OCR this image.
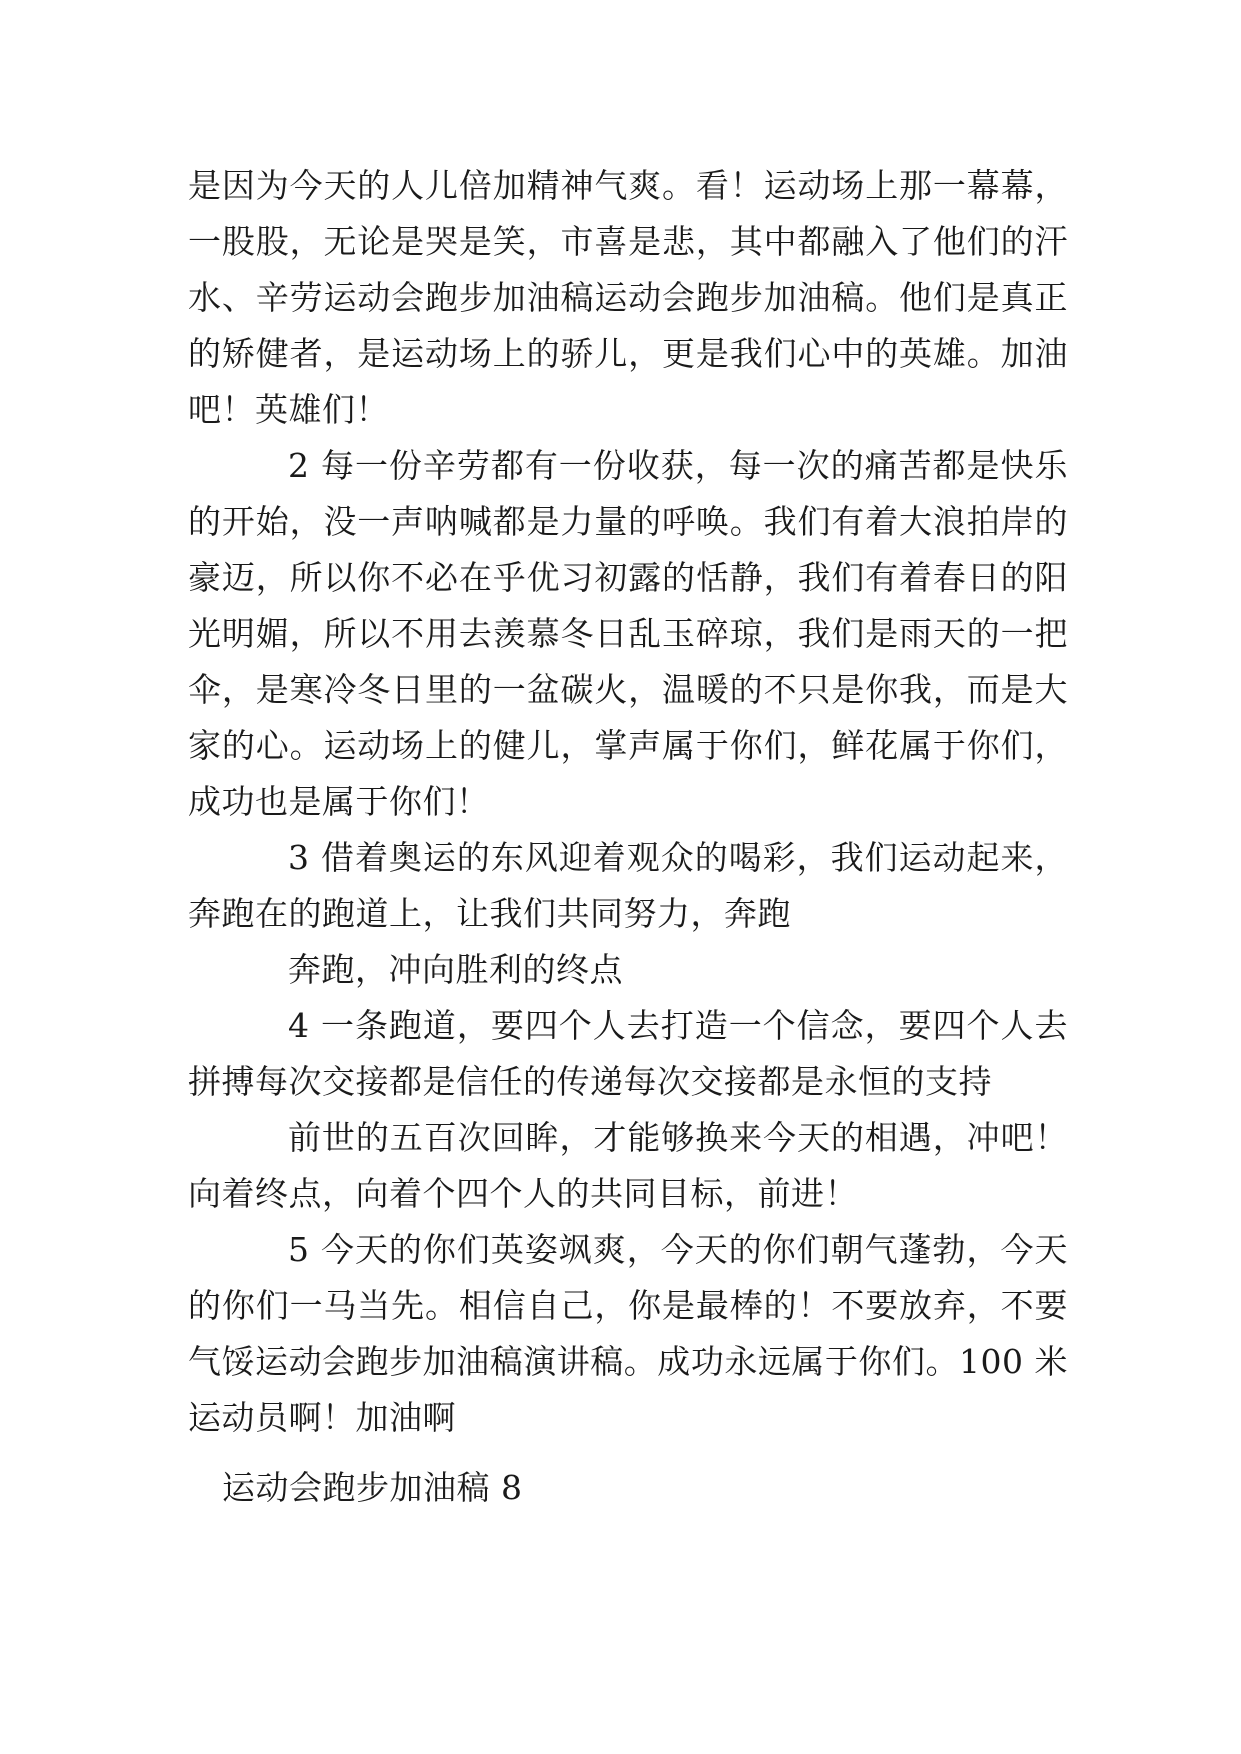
是因为今天的人儿倍加精神气爽。看！运动场上那一幕幕，一股股，无论是哭是笑，市喜是悲，其中都融入了他们的汗水、辛劳运动会跑步加油稿运动会跑步加油稿。他们是真正的矫健者，是运动场上的骄儿，更是我们心中的英雄。加油吧！英雄们！

2 每一份辛劳都有一份收获，每一次的痛苦都是快乐的开始，没一声呐喊都是力量的呼唤。我们有着大浪拍岸的豪迈，所以你不必在乎优习初露的恬静，我们有着春日的阳光明媚，所以不用去羡慕冬日乱玉碎琼，我们是雨天的一把伞，是寒冷冬日里的一盆碳火，温暖的不只是你我，而是大家的心。运动场上的健儿，掌声属于你们，鲜花属于你们，成功也是属于你们！

3 借着奥运的东风迎着观众的喝彩，我们运动起来，奔跑在的跑道上，让我们共同努力，奔跑

奔跑，冲向胜利的终点

4 一条跑道，要四个人去打造一个信念，要四个人去拼搏每次交接都是信任的传递每次交接都是永恒的支持

前世的五百次回眸，才能够换来今天的相遇，冲吧！向着终点，向着个四个人的共同目标，前进！

5 今天的你们英姿飒爽，今天的你们朝气蓬勃，今天的你们一马当先。相信自己，你是最棒的！不要放弃，不要气馁运动会跑步加油稿演讲稿。成功永远属于你们。100 米运动员啊！加油啊

运动会跑步加油稿 8
